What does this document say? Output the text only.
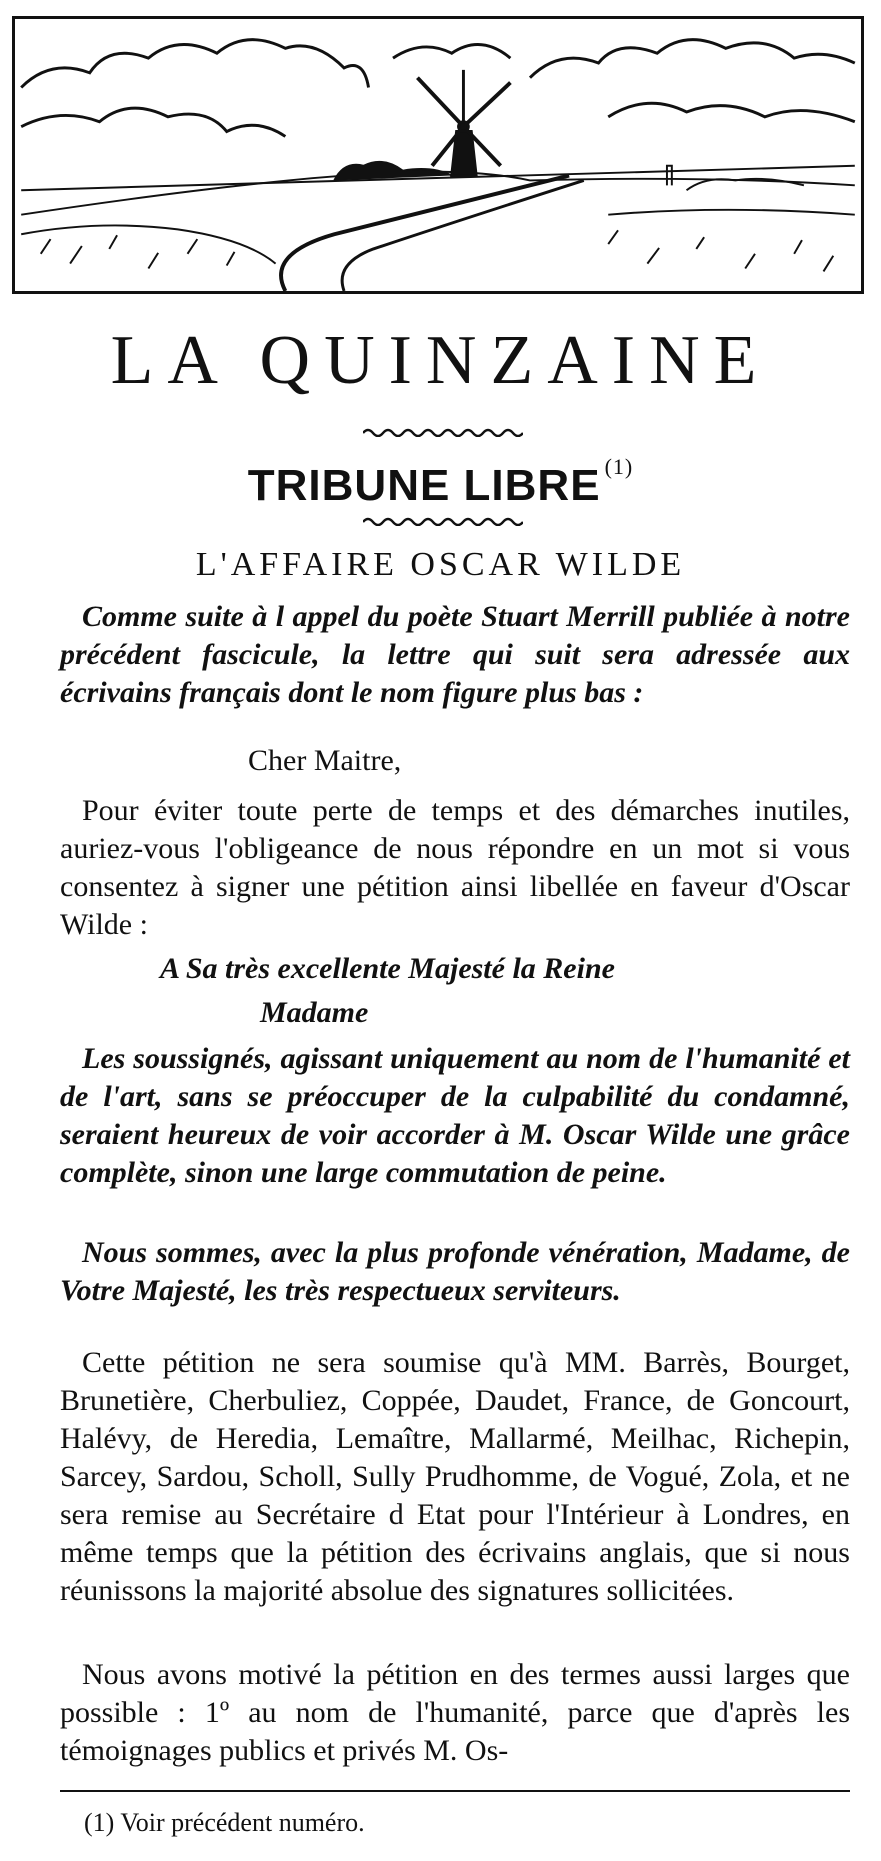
LA QUINZAINE
TRIBUNE LIBRE $^{(1)}$
L'AFFAIRE OSCAR WILDE
Comme suite à l appel du poète Stuart Merrill publiée à notre précédent fascicule, la lettre qui suit sera adressée aux écrivains français dont le nom figure plus bas :
Cher Maitre,
Pour éviter toute perte de temps et des démarches inutiles, auriez-vous l'obligeance de nous répondre en un mot si vous consentez à signer une pétition ainsi libellée en faveur d'Oscar Wilde :
A Sa très excellente Majesté la Reine
Madame
Les soussignés, agissant uniquement au nom de l'humanité et de l'art, sans se préoccuper de la culpabilité du condamné, seraient heureux de voir accorder à M. Oscar Wilde une grâce complète, sinon une large commutation de peine.
Nous sommes, avec la plus profonde vénération, Madame, de Votre Majesté, les très respectueux serviteurs.
Cette pétition ne sera soumise qu'à MM. Barrès, Bourget, Brunetière, Cherbuliez, Coppée, Daudet, France, de Goncourt, Halévy, de Heredia, Lemaître, Mallarmé, Meilhac, Richepin, Sarcey, Sardou, Scholl, Sully Prudhomme, de Vogué, Zola, et ne sera remise au Secrétaire d Etat pour l'Intérieur à Londres, en même temps que la pétition des écrivains anglais, que si nous réunissons la majorité absolue des signatures sollicitées.
Nous avons motivé la pétition en des termes aussi larges que possible : 1º au nom de l'humanité, parce que d'après les témoignages publics et privés M. Os-
(1) Voir précédent numéro.
